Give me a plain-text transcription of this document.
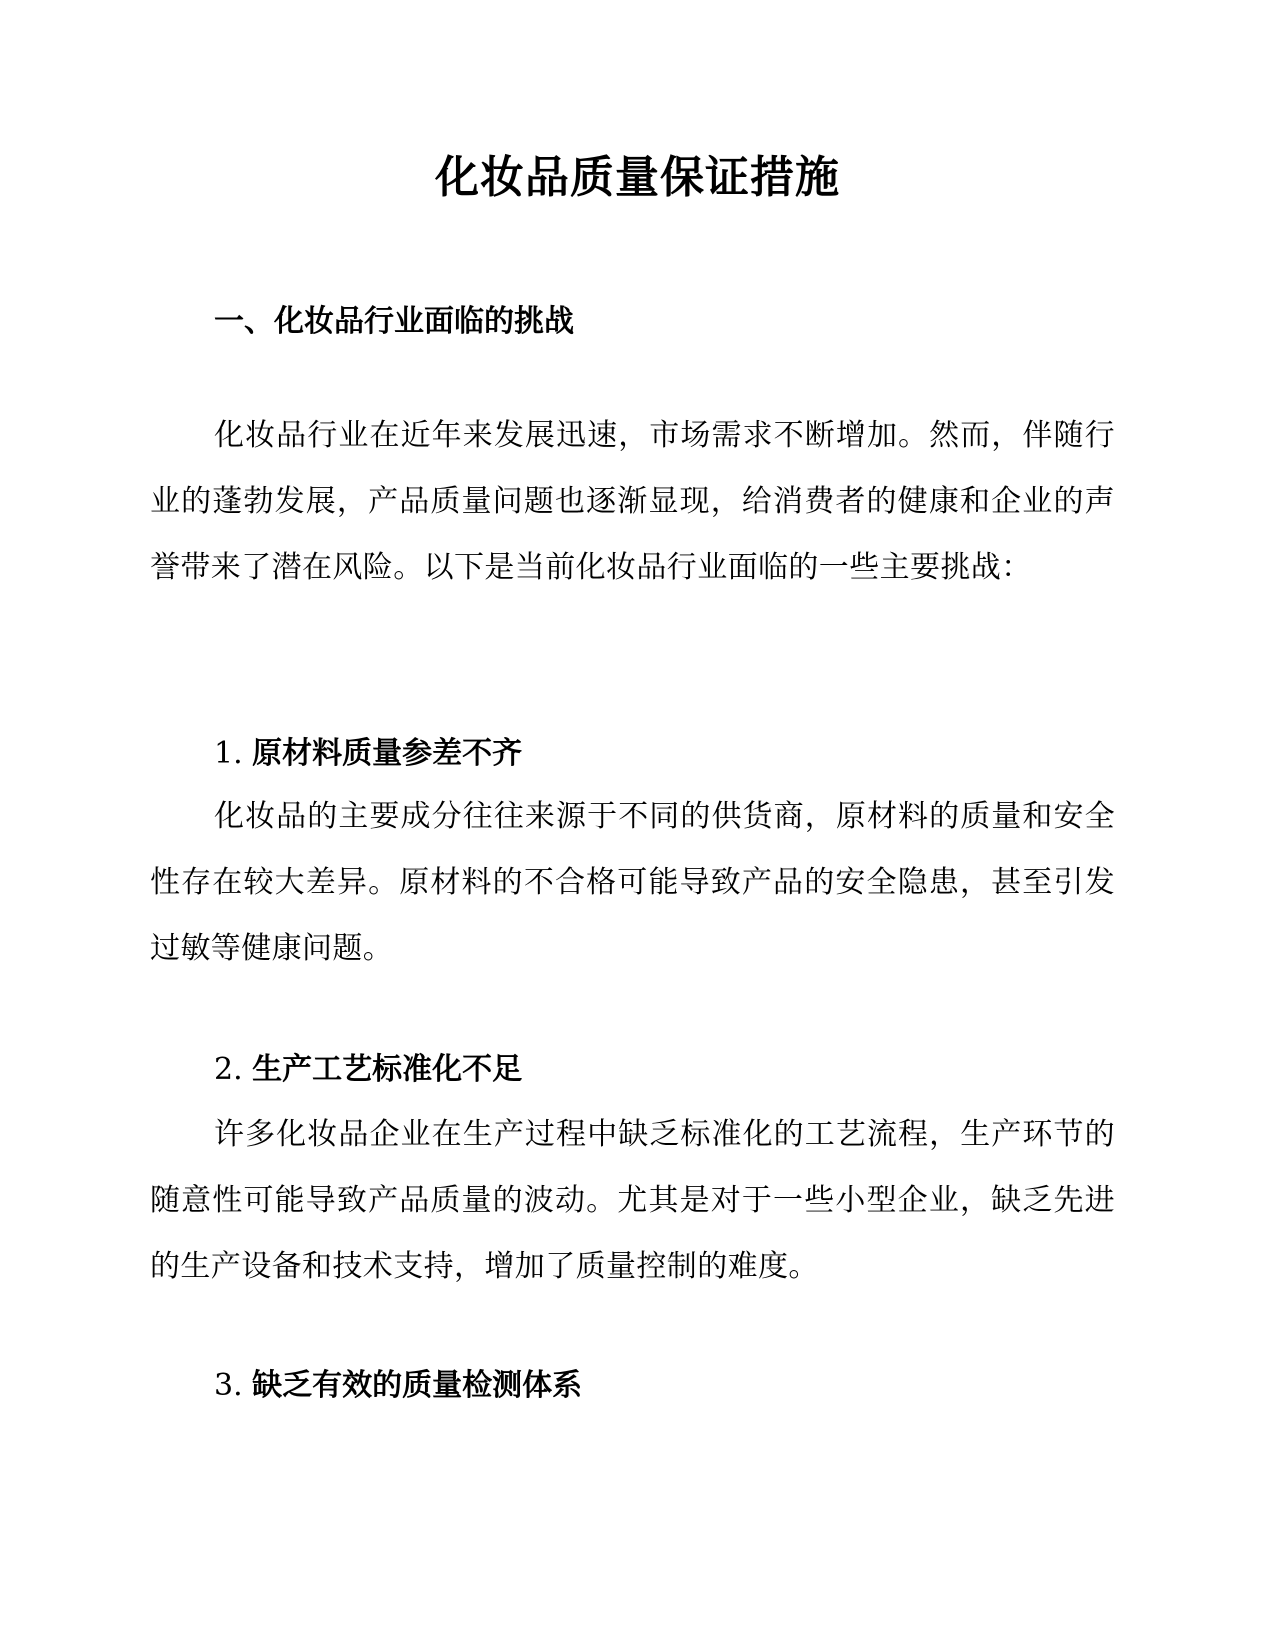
化妆品质量保证措施
一、化妆品行业面临的挑战
化妆品行业在近年来发展迅速，市场需求不断增加。然而，伴随行业的蓬勃发展，产品质量问题也逐渐显现，给消费者的健康和企业的声誉带来了潜在风险。以下是当前化妆品行业面临的一些主要挑战：
1. 原材料质量参差不齐
化妆品的主要成分往往来源于不同的供货商，原材料的质量和安全性存在较大差异。原材料的不合格可能导致产品的安全隐患，甚至引发过敏等健康问题。
2. 生产工艺标准化不足
许多化妆品企业在生产过程中缺乏标准化的工艺流程，生产环节的随意性可能导致产品质量的波动。尤其是对于一些小型企业，缺乏先进的生产设备和技术支持，增加了质量控制的难度。
3. 缺乏有效的质量检测体系
